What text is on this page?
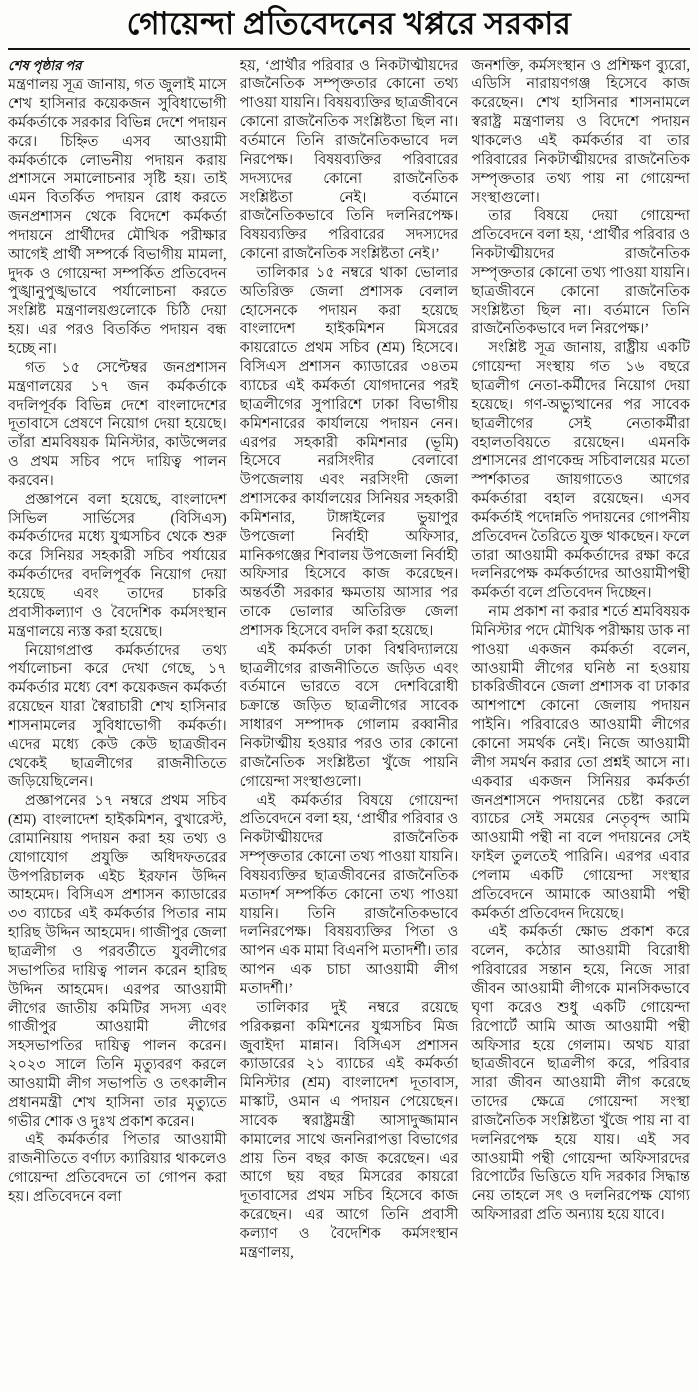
গোয়েন্দা প্রতিবেদনের খপ্পরে সরকার

শেষ পৃষ্ঠার পর

মন্ত্রণালয় সূত্র জানায়, গত জুলাই মাসে শেখ হাসিনার কয়েকজন সুবিধাভোগী কর্মকর্তাকে সরকার বিভিন্ন দেশে পদায়ন করে। চিহ্নিত এসব আওয়ামী কর্মকর্তাকে লোভনীয় পদায়ন করায় প্রশাসনে সমালোচনার সৃষ্টি হয়। তাই এমন বিতর্কিত পদায়ন রোধ করতে জনপ্রশাসন থেকে বিদেশে কর্মকর্তা পদায়নে প্রার্থীদের মৌখিক পরীক্ষার আগেই প্রার্থী সম্পর্কে বিভাগীয় মামলা, দুদক ও গোয়েন্দা সম্পর্কিত প্রতিবেদন পুঙ্খানুপুঙ্খভাবে পর্যালোচনা করতে সংশ্লিষ্ট মন্ত্রণালয়গুলোকে চিঠি দেয়া হয়। এর পরও বিতর্কিত পদায়ন বন্ধ হচ্ছে না।

গত ১৫ সেপ্টেম্বর জনপ্রশাসন মন্ত্রণালয়ের ১৭ জন কর্মকর্তাকে বদলিপূর্বক বিভিন্ন দেশে বাংলাদেশের দূতাবাসে প্রেষণে নিয়োগ দেয়া হয়েছে। তাঁরা শ্রমবিষয়ক মিনিস্টার, কাউন্সেলর ও প্রথম সচিব পদে দায়িত্ব পালন করবেন।

প্রজ্ঞাপনে বলা হয়েছে, বাংলাদেশ সিভিল সার্ভিসের (বিসিএস) কর্মকর্তাদের মধ্যে যুগ্মসচিব থেকে শুরু করে সিনিয়র সহকারী সচিব পর্যায়ের কর্মকর্তাদের বদলিপূর্বক নিয়োগ দেয়া হয়েছে এবং তাদের চাকরি প্রবাসীকল্যাণ ও বৈদেশিক কর্মসংস্থান মন্ত্রণালয়ে ন্যস্ত করা হয়েছে।

নিয়োগপ্রাপ্ত কর্মকর্তাদের তথ্য পর্যালোচনা করে দেখা গেছে, ১৭ কর্মকর্তার মধ্যে বেশ কয়েকজন কর্মকর্তা রয়েছেন যারা স্বৈরাচারী শেখ হাসিনার শাসনামলের সুবিধাভোগী কর্মকর্তা। এদের মধ্যে কেউ কেউ ছাত্রজীবন থেকেই ছাত্রলীগের রাজনীতিতে জড়িয়েছিলেন।

প্রজ্ঞাপনের ১৭ নম্বরে প্রথম সচিব (শ্রম) বাংলাদেশ হাইকমিশন, বুখারেস্ট, রোমানিয়ায় পদায়ন করা হয় তথ্য ও যোগাযোগ প্রযুক্তি অধিদফতরের উপপরিচালক এইচ ইরফান উদ্দিন আহমেদ। বিসিএস প্রশাসন ক্যাডারের ৩৩ ব্যাচের এই কর্মকর্তার পিতার নাম হারিছ উদ্দিন আহমেদ। গাজীপুর জেলা ছাত্রলীগ ও পরবর্তীতে যুবলীগের সভাপতির দায়িত্ব পালন করেন হারিছ উদ্দিন আহমেদ। এরপর আওয়ামী লীগের জাতীয় কমিটির সদস্য এবং গাজীপুর আওয়ামী লীগের সহসভাপতির দায়িত্ব পালন করেন। ২০২৩ সালে তিনি মৃত্যুবরণ করলে আওয়ামী লীগ সভাপতি ও তৎকালীন প্রধানমন্ত্রী শেখ হাসিনা তার মৃত্যুতে গভীর শোক ও দুঃখ প্রকাশ করেন।

এই কর্মকর্তার পিতার আওয়ামী রাজনীতিতে বর্ণাঢ্য ক্যারিয়ার থাকলেও গোয়েন্দা প্রতিবেদনে তা গোপন করা হয়। প্রতিবেদনে বলা

হয়, ‘প্রার্থীর পরিবার ও নিকটাত্মীয়দের রাজনৈতিক সম্পৃক্ততার কোনো তথ্য পাওয়া যায়নি। বিষয়ব্যক্তির ছাত্রজীবনে কোনো রাজনৈতিক সংশ্লিষ্টতা ছিল না। বর্তমানে তিনি রাজনৈতিকভাবে দল নিরপেক্ষ। বিষয়ব্যক্তির পরিবারের সদস্যদের কোনো রাজনৈতিক সংশ্লিষ্টতা নেই। বর্তমানে রাজনৈতিকভাবে তিনি দলনিরপেক্ষ। বিষয়ব্যক্তির পরিবারের সদস্যদের কোনো রাজনৈতিক সংশ্লিষ্টতা নেই।’

তালিকার ১৫ নম্বরে থাকা ভোলার অতিরিক্ত জেলা প্রশাসক বেলাল হোসেনকে পদায়ন করা হয়েছে বাংলাদেশ হাইকমিশন মিসরের কায়রোতে প্রথম সচিব (শ্রম) হিসেবে। বিসিএস প্রশাসন ক্যাডারের ৩৪তম ব্যাচের এই কর্মকর্তা যোগদানের পরই ছাত্রলীগের সুপারিশে ঢাকা বিভাগীয় কমিশনারের কার্যালয়ে পদায়ন নেন। এরপর সহকারী কমিশনার (ভূমি) হিসেবে নরসিংদীর বেলাবো উপজেলায় এবং নরসিংদী জেলা প্রশাসকের কার্যালয়ের সিনিয়র সহকারী কমিশনার, টাঙ্গাইলের ভুয়াপুর উপজেলা নির্বাহী অফিসার, মানিকগঞ্জের শিবালয় উপজেলা নির্বাহী অফিসার হিসেবে কাজ করেছেন। অন্তর্বর্তী সরকার ক্ষমতায় আসার পর তাকে ভোলার অতিরিক্ত জেলা প্রশাসক হিসেবে বদলি করা হয়েছে।

এই কর্মকর্তা ঢাকা বিশ্ববিদ্যালয়ে ছাত্রলীগের রাজনীতিতে জড়িত এবং বর্তমানে ভারতে বসে দেশবিরোধী চক্রান্তে জড়িত ছাত্রলীগের সাবেক সাধারণ সম্পাদক গোলাম রব্বানীর নিকটাত্মীয় হওয়ার পরও তার কোনো রাজনৈতিক সংশ্লিষ্টতা খুঁজে পায়নি গোয়েন্দা সংস্থাগুলো।

এই কর্মকর্তার বিষয়ে গোয়েন্দা প্রতিবেদনে বলা হয়, ‘প্রার্থীর পরিবার ও নিকটাত্মীয়দের রাজনৈতিক সম্পৃক্ততার কোনো তথ্য পাওয়া যায়নি। বিষয়ব্যক্তির ছাত্রজীবনের রাজনৈতিক মতাদর্শ সম্পর্কিত কোনো তথ্য পাওয়া যায়নি। তিনি রাজনৈতিকভাবে দলনিরপেক্ষ। বিষয়ব্যক্তির পিতা ও আপন এক মামা বিএনপি মতাদর্শী। তার আপন এক চাচা আওয়ামী লীগ মতাদর্শী।’

তালিকার দুই নম্বরে রয়েছে পরিকল্পনা কমিশনের যুগ্মসচিব মিজ জুবাইদা মান্নান। বিসিএস প্রশাসন ক্যাডারের ২১ ব্যাচের এই কর্মকর্তা মিনিস্টার (শ্রম) বাংলাদেশ দূতাবাস, মাস্কাট, ওমান এ পদায়ন পেয়েছেন। সাবেক স্বরাষ্ট্রমন্ত্রী আসাদুজ্জামান কামালের সাথে জননিরাপত্তা বিভাগের প্রায় তিন বছর কাজ করেছেন। এর আগে ছয় বছর মিসরের কায়রো দূতাবাসের প্রথম সচিব হিসেবে কাজ করেছেন। এর আগে তিনি প্রবাসী কল্যাণ ও বৈদেশিক কর্মসংস্থান মন্ত্রণালয়,

জনশক্তি, কর্মসংস্থান ও প্রশিক্ষণ ব্যুরো, এডিসি নারায়ণগঞ্জ হিসেবে কাজ করেছেন। শেখ হাসিনার শাসনামলে স্বরাষ্ট্র মন্ত্রণালয় ও বিদেশে পদায়ন থাকলেও এই কর্মকর্তার বা তার পরিবারের নিকটাত্মীয়দের রাজনৈতিক সম্পৃক্ততার তথ্য পায় না গোয়েন্দা সংস্থাগুলো।

তার বিষয়ে দেয়া গোয়েন্দা প্রতিবেদনে বলা হয়, ‘প্রার্থীর পরিবার ও নিকটাত্মীয়দের রাজনৈতিক সম্পৃক্ততার কোনো তথ্য পাওয়া যায়নি। ছাত্রজীবনে কোনো রাজনৈতিক সংশ্লিষ্টতা ছিল না। বর্তমানে তিনি রাজনৈতিকভাবে দল নিরপেক্ষ।’

সংশ্লিষ্ট সূত্র জানায়, রাষ্ট্রীয় একটি গোয়েন্দা সংস্থায় গত ১৬ বছরে ছাত্রলীগ নেতা-কর্মীদের নিয়োগ দেয়া হয়েছে। গণ-অভ্যুত্থানের পর সাবেক ছাত্রলীগের সেই নেতাকর্মীরা বহালতবিয়তে রয়েছেন। এমনকি প্রশাসনের প্রাণকেন্দ্র সচিবালয়ের মতো স্পর্শকাতর জায়গাতেও আগের কর্মকর্তারা বহাল রয়েছেন। এসব কর্মকর্তাই পদোন্নতি পদায়নের গোপনীয় প্রতিবেদন তৈরিতে যুক্ত থাকছেন। ফলে তারা আওয়ামী কর্মকর্তাদের রক্ষা করে দলনিরপেক্ষ কর্মকর্তাদের আওয়ামীপন্থী কর্মকর্তা বলে প্রতিবেদন দিচ্ছেন।

নাম প্রকাশ না করার শর্তে শ্রমবিষয়ক মিনিস্টার পদে মৌখিক পরীক্ষায় ডাক না পাওয়া একজন কর্মকর্তা বলেন, আওয়ামী লীগের ঘনিষ্ঠ না হওয়ায় চাকরিজীবনে জেলা প্রশাসক বা ঢাকার আশপাশে কোনো জেলায় পদায়ন পাইনি। পরিবারেও আওয়ামী লীগের কোনো সমর্থক নেই। নিজে আওয়ামী লীগ সমর্থন করার তো প্রশ্নই আসে না। একবার একজন সিনিয়র কর্মকর্তা জনপ্রশাসনে পদায়নের চেষ্টা করলে ব্যাচের সেই সময়ের নেতৃবৃন্দ আমি আওয়ামী পন্থী না বলে পদায়নের সেই ফাইল তুলতেই পারিনি। এরপর এবার পেলাম একটি গোয়েন্দা সংস্থার প্রতিবেদনে আমাকে আওয়ামী পন্থী কর্মকর্তা প্রতিবেদন দিয়েছে।

এই কর্মকর্তা ক্ষোভ প্রকাশ করে বলেন, কঠোর আওয়ামী বিরোধী পরিবারের সন্তান হয়ে, নিজে সারা জীবন আওয়ামী লীগকে মানসিকভাবে ঘৃণা করেও শুধু একটি গোয়েন্দা রিপোর্টে আমি আজ আওয়ামী পন্থী অফিসার হয়ে গেলাম। অথচ যারা ছাত্রজীবনে ছাত্রলীগ করে, পরিবার সারা জীবন আওয়ামী লীগ করেছে তাদের ক্ষেত্রে গোয়েন্দা সংস্থা রাজনৈতিক সংশ্লিষ্টতা খুঁজে পায় না বা দলনিরপেক্ষ হয়ে যায়। এই সব আওয়ামী পন্থী গোয়েন্দা অফিসারদের রিপোর্টের ভিত্তিতে যদি সরকার সিদ্ধান্ত নেয় তাহলে সৎ ও দলনিরপেক্ষ যোগ্য অফিসাররা প্রতি অন্যায় হয়ে যাবে।
